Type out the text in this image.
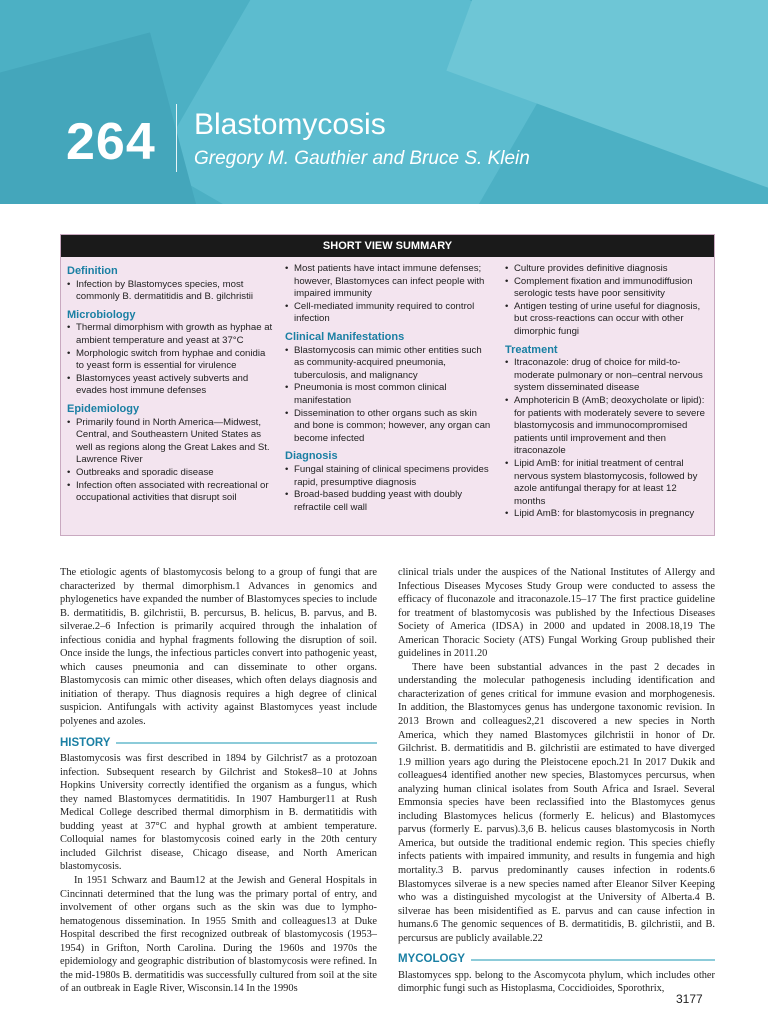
264 Blastomycosis
Gregory M. Gauthier and Bruce S. Klein
SHORT VIEW SUMMARY
Definition
• Infection by Blastomyces species, most commonly B. dermatitidis and B. gilchristii
Microbiology
• Thermal dimorphism with growth as hyphae at ambient temperature and yeast at 37°C
• Morphologic switch from hyphae and conidia to yeast form is essential for virulence
• Blastomyces yeast actively subverts and evades host immune defenses
Epidemiology
• Primarily found in North America—Midwest, Central, and Southeastern United States as well as regions along the Great Lakes and St. Lawrence River
• Outbreaks and sporadic disease
• Infection often associated with recreational or occupational activities that disrupt soil
• Most patients have intact immune defenses; however, Blastomyces can infect people with impaired immunity
• Cell-mediated immunity required to control infection
Clinical Manifestations
• Blastomycosis can mimic other entities such as community-acquired pneumonia, tuberculosis, and malignancy
• Pneumonia is most common clinical manifestation
• Dissemination to other organs such as skin and bone is common; however, any organ can become infected
Diagnosis
• Fungal staining of clinical specimens provides rapid, presumptive diagnosis
• Broad-based budding yeast with doubly refractile cell wall
• Culture provides definitive diagnosis
• Complement fixation and immunodiffusion serologic tests have poor sensitivity
• Antigen testing of urine useful for diagnosis, but cross-reactions can occur with other dimorphic fungi
Treatment
• Itraconazole: drug of choice for mild-to-moderate pulmonary or non–central nervous system disseminated disease
• Amphotericin B (AmB; deoxycholate or lipid): for patients with moderately severe to severe blastomycosis and immunocompromised patients until improvement and then itraconazole
• Lipid AmB: for initial treatment of central nervous system blastomycosis, followed by azole antifungal therapy for at least 12 months
• Lipid AmB: for blastomycosis in pregnancy

The etiologic agents of blastomycosis belong to a group of fungi that are characterized by thermal dimorphism.1 Advances in genomics and phylogenetics have expanded the number of Blastomyces species to include B. dermatitidis, B. gilchristii, B. percursus, B. helicus, B. parvus, and B. silverae.2–6 Infection is primarily acquired through the inhalation of infectious conidia and hyphal fragments following the disruption of soil. Once inside the lungs, the infectious particles convert into pathogenic yeast, which causes pneumonia and can disseminate to other organs. Blastomycosis can mimic other diseases, which often delays diagnosis and initiation of therapy. Thus diagnosis requires a high degree of clinical suspicion. Antifungals with activity against Blastomyces yeast include polyenes and azoles.

HISTORY

Blastomycosis was first described in 1894 by Gilchrist7 as a protozoan infection. Subsequent research by Gilchrist and Stokes8–10 at Johns Hopkins University correctly identified the organism as a fungus, which they named Blastomyces dermatitidis. In 1907 Hamburger11 at Rush Medical College described thermal dimorphism in B. dermatitidis with budding yeast at 37°C and hyphal growth at ambient temperature. Colloquial names for blastomycosis coined early in the 20th century included Gilchrist disease, Chicago disease, and North American blastomycosis.

In 1951 Schwarz and Baum12 at the Jewish and General Hospitals in Cincinnati determined that the lung was the primary portal of entry, and involvement of other organs such as the skin was due to lympho-hematogenous dissemination. In 1955 Smith and colleagues13 at Duke Hospital described the first recognized outbreak of blastomycosis (1953–1954) in Grifton, North Carolina. During the 1960s and 1970s the epidemiology and geographic distribution of blastomycosis were refined. In the mid-1980s B. dermatitidis was successfully cultured from soil at the site of an outbreak in Eagle River, Wisconsin.14 In the 1990s

clinical trials under the auspices of the National Institutes of Allergy and Infectious Diseases Mycoses Study Group were conducted to assess the efficacy of fluconazole and itraconazole.15–17 The first practice guideline for treatment of blastomycosis was published by the Infectious Diseases Society of America (IDSA) in 2000 and updated in 2008.18,19 The American Thoracic Society (ATS) Fungal Working Group published their guidelines in 2011.20

There have been substantial advances in the past 2 decades in understanding the molecular pathogenesis including identification and characterization of genes critical for immune evasion and morphogenesis. In addition, the Blastomyces genus has undergone taxonomic revision. In 2013 Brown and colleagues2,21 discovered a new species in North America, which they named Blastomyces gilchristii in honor of Dr. Gilchrist. B. dermatitidis and B. gilchristii are estimated to have diverged 1.9 million years ago during the Pleistocene epoch.21 In 2017 Dukik and colleagues4 identified another new species, Blastomyces percursus, when analyzing human clinical isolates from South Africa and Israel. Several Emmonsia species have been reclassified into the Blastomyces genus including Blastomyces helicus (formerly E. helicus) and Blastomyces parvus (formerly E. parvus).3,6 B. helicus causes blastomycosis in North America, but outside the traditional endemic region. This species chiefly infects patients with impaired immunity, and results in fungemia and high mortality.3 B. parvus predominantly causes infection in rodents.6 Blastomyces silverae is a new species named after Eleanor Silver Keeping who was a distinguished mycologist at the University of Alberta.4 B. silverae has been misidentified as E. parvus and can cause infection in humans.6 The genomic sequences of B. dermatitidis, B. gilchristii, and B. percursus are publicly available.22

MYCOLOGY

Blastomyces spp. belong to the Ascomycota phylum, which includes other dimorphic fungi such as Histoplasma, Coccidioides, Sporothrix,

3177
